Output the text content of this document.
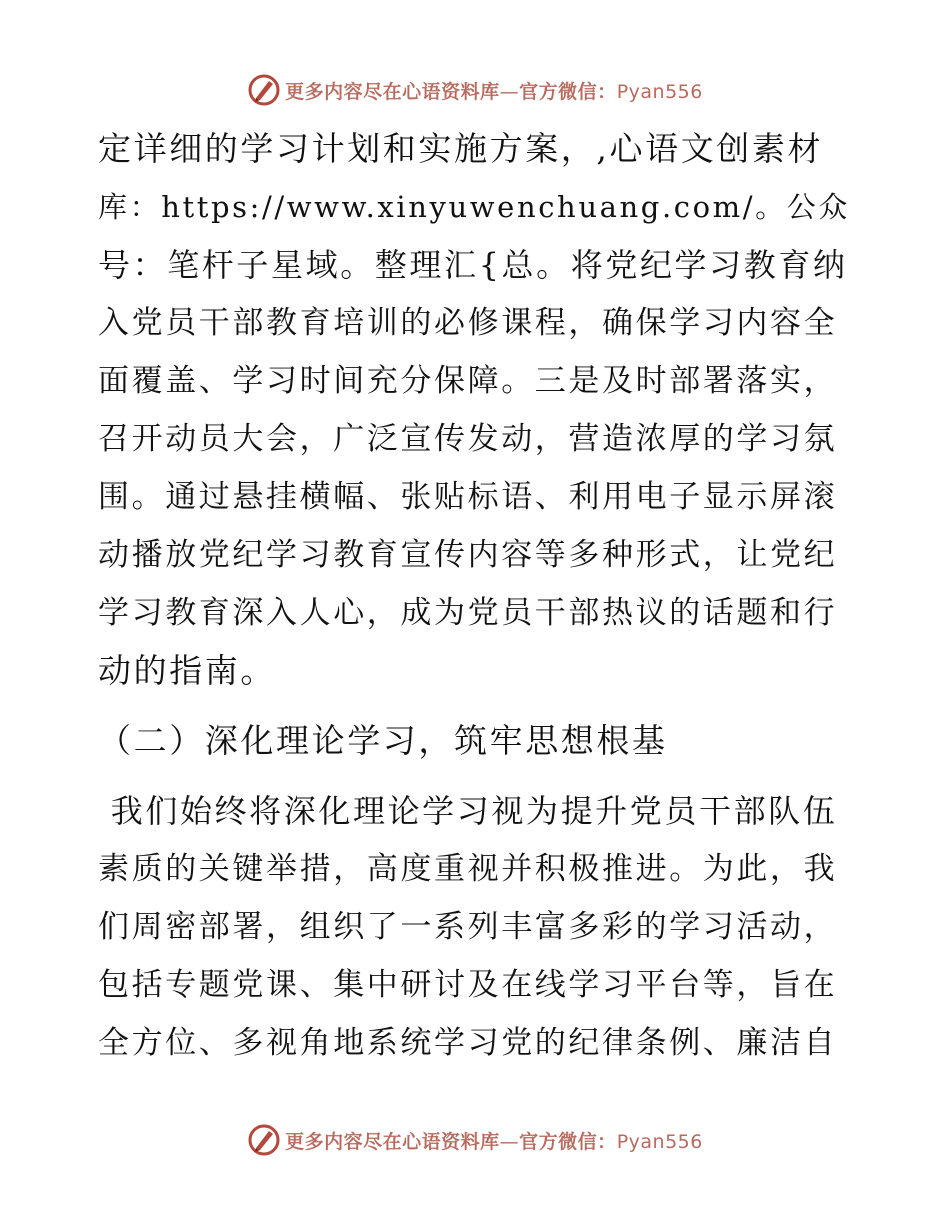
更多内容尽在心语资料库—官方微信：Pyan556
定详细的学习计划和实施方案，,心语文创素材
库：https://www.xinyuwenchuang.com/。公众
号：笔杆子星域。整理汇{总。将党纪学习教育纳
入党员干部教育培训的必修课程，确保学习内容全
面覆盖、学习时间充分保障。三是及时部署落实，
召开动员大会，广泛宣传发动，营造浓厚的学习氛
围。通过悬挂横幅、张贴标语、利用电子显示屏滚
动播放党纪学习教育宣传内容等多种形式，让党纪
学习教育深入人心，成为党员干部热议的话题和行
动的指南。
（二）深化理论学习，筑牢思想根基
我们始终将深化理论学习视为提升党员干部队伍
素质的关键举措，高度重视并积极推进。为此，我
们周密部署，组织了一系列丰富多彩的学习活动，
包括专题党课、集中研讨及在线学习平台等，旨在
全方位、多视角地系统学习党的纪律条例、廉洁自
更多内容尽在心语资料库—官方微信：Pyan556
